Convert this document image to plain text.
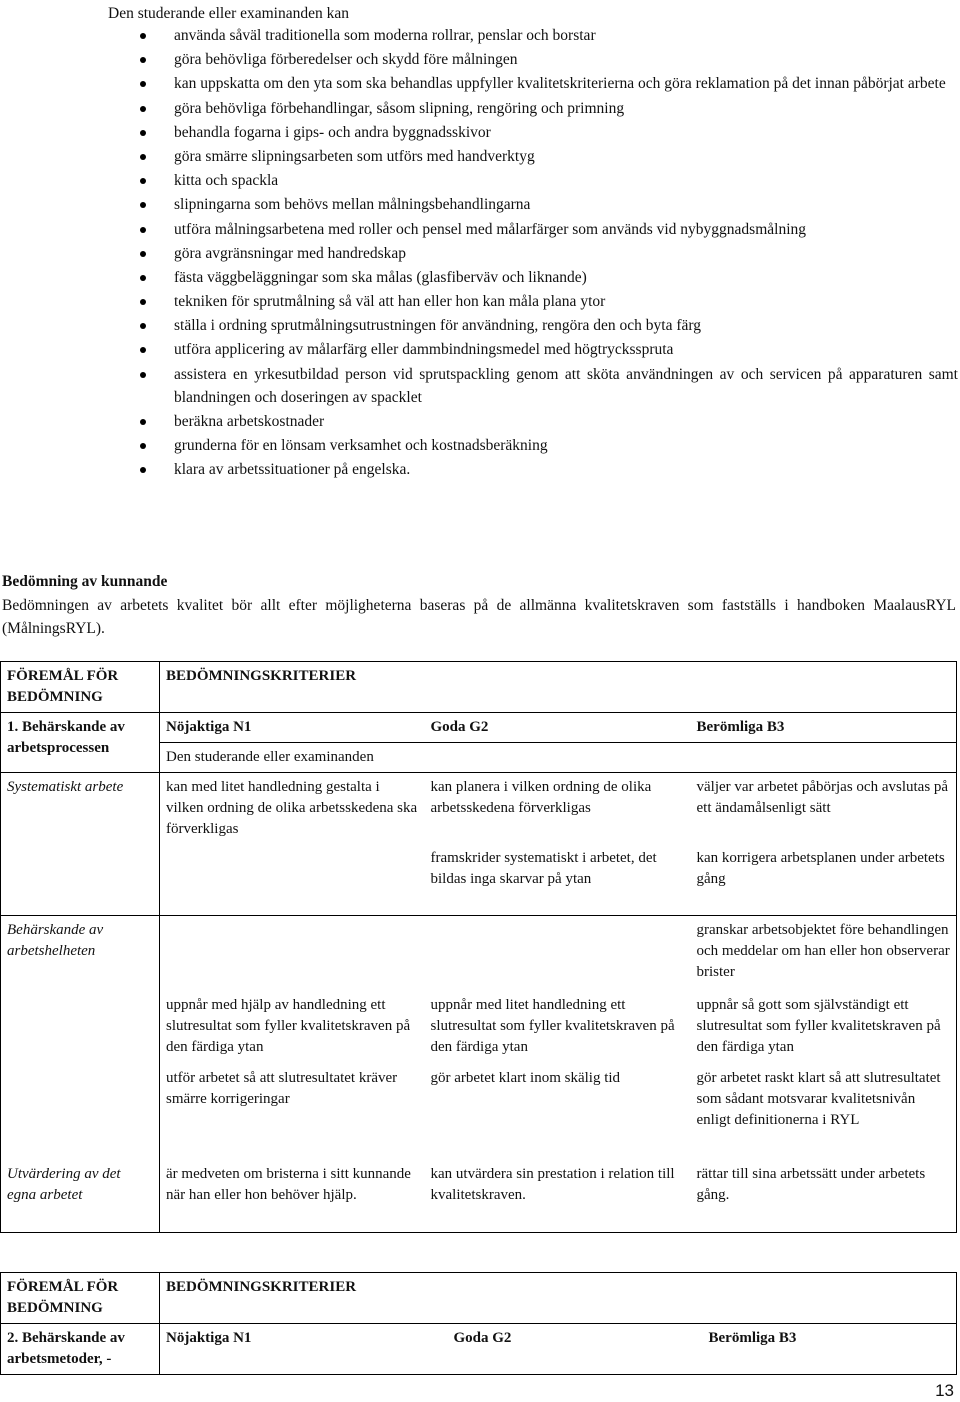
Den studerande eller examinanden kan
använda såväl traditionella som moderna rollrar, penslar och borstar
göra behövliga förberedelser och skydd före målningen
kan uppskatta om den yta som ska behandlas uppfyller kvalitetskriterierna och göra reklamation på det innan påbörjat arbete
göra behövliga förbehandlingar, såsom slipning, rengöring och primning
behandla fogarna i gips- och andra byggnadsskivor
göra smärre slipningsarbeten som utförs med handverktyg
kitta och spackla
slipningarna som behövs mellan målningsbehandlingarna
utföra målningsarbetena med roller och pensel med målarfärger som används vid nybyggnadsmålning
göra avgränsningar med handredskap
fästa väggbeläggningar som ska målas (glasfiberväv och liknande)
tekniken för sprutmålning så väl att han eller hon kan måla plana ytor
ställa i ordning sprutmålningsutrustningen för användning, rengöra den och byta färg
utföra applicering av målarfärg eller dammbindningsmedel med högtryckssprutа
assistera en yrkesutbildad person vid sprutspackling genom att sköta användningen av och servicen på apparaturen samt blandningen och doseringen av spacklet
beräkna arbetskostnader
grunderna för en lönsam verksamhet och kostnadsberäkning
klara av arbetssituationer på engelska.
Bedömning av kunnande
Bedömningen av arbetets kvalitet bör allt efter möjligheterna baseras på de allmänna kvalitetskraven som fastställs i handboken MaalausRYL (MålningsRYL).
FÖREMÅL FÖR BEDÖMNING	BEDÖMNINGSKRITERIER		
1. Behärskande av arbetsprocessen	Nöjaktiga N1	Goda G2	Berömliga B3
	Den studerande eller examinanden		
Systematiskt arbete	kan med litet handledning gestalta i vilken ordning de olika arbetsskedena ska förverkligas	kan planera i vilken ordning de olika arbetsskedena förverkligas	väljer var arbetet påbörjas och avslutas på ett ändamålsenligt sätt
		framskrider systematiskt i arbetet, det bildas inga skarvar på ytan	kan korrigera arbetsplanen under arbetets gång
Behärskande av arbetshelheten			granskar arbetsobjektet före behandlingen och meddelar om han eller hon observerar brister
	uppnår med hjälp av handledning ett slutresultat som fyller kvalitetskraven på den färdiga ytan	uppnår med litet handledning ett slutresultat som fyller kvalitetskraven på den färdiga ytan	uppnår så gott som självständigt ett slutresultat som fyller kvalitetskraven på den färdiga ytan
	utför arbetet så att slutresultatet kräver smärre korrigeringar	gör arbetet klart inom skälig tid	gör arbetet raskt klart så att slutresultatet som sådant motsvarar kvalitetsnivån enligt definitionerna i RYL
Utvärdering av det egna arbetet	är medveten om bristerna i sitt kunnande när han eller hon behöver hjälp.	kan utvärdera sin prestation i relation till kvalitetskraven.	rättar till sina arbetssätt under arbetets gång.
FÖREMÅL FÖR BEDÖMNING	BEDÖMNINGSKRITERIER		
2. Behärskande av arbetsmetoder, -	Nöjaktiga N1	Goda G2	Berömliga B3
13
